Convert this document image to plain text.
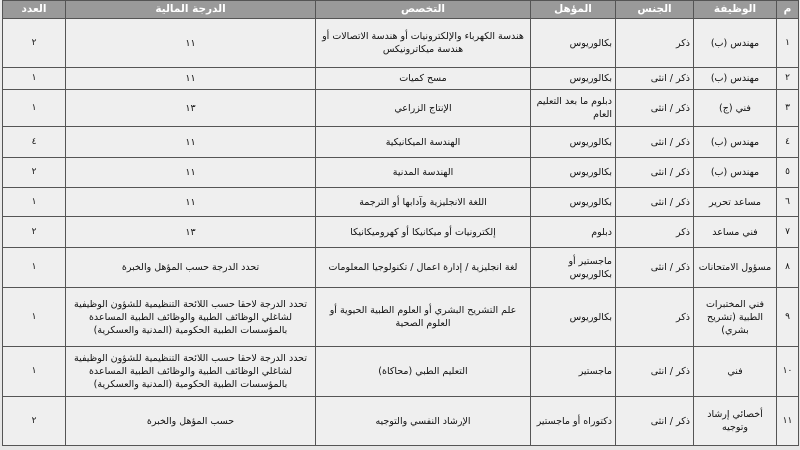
م	الوظيفة	الجنس	المؤهل	التخصص	الدرجة المالية	العدد
١	مهندس (ب)	ذكر	بكالوريوس	هندسة الكهرباء والإلكترونيات أو هندسة الاتصالات أو هندسة ميكاترونيكس	١١	٢
٢	مهندس (ب)	ذكر / انثى	بكالوريوس	مسح كميات	١١	١
٣	فني (ج)	ذكر / انثى	دبلوم ما بعد التعليم العام	الإنتاج الزراعي	١٣	١
٤	مهندس (ب)	ذكر / انثى	بكالوريوس	الهندسة الميكانيكية	١١	٤
٥	مهندس (ب)	ذكر / انثى	بكالوريوس	الهندسة المدنية	١١	٢
٦	مساعد تحرير	ذكر / انثى	بكالوريوس	اللغة الانجليزية وآدابها أو الترجمة	١١	١
٧	فني مساعد	ذكر	دبلوم	إلكترونيات أو ميكانيكا أو كهروميكانيكا	١٣	٢
٨	مسؤول الامتحانات	ذكر / انثى	ماجستير أو بكالوريوس	لغة انجليزية / إدارة اعمال / تكنولوجيا المعلومات	تحدد الدرجة حسب المؤهل والخبرة	١
٩	فني المختبرات الطبية (تشريح بشري)	ذكر	بكالوريوس	علم التشريح البشري أو العلوم الطبية الحيوية أو العلوم الصحية	تحدد الدرجة لاحقا حسب اللائحة التنظيمية للشؤون الوظيفية لشاغلي الوظائف الطبية والوظائف الطبية المساعدة بالمؤسسات الطبية الحكومية (المدنية والعسكرية)	١
١٠	فني	ذكر / انثى	ماجستير	التعليم الطبي (محاكاة)	تحدد الدرجة لاحقا حسب اللائحة التنظيمية للشؤون الوظيفية لشاغلي الوظائف الطبية والوظائف الطبية المساعدة بالمؤسسات الطبية الحكومية (المدنية والعسكرية)	١
١١	أخصائي إرشاد وتوجيه	ذكر / انثى	دكتوراه أو ماجستير	الإرشاد النفسي والتوجيه	حسب المؤهل والخبرة	٢
